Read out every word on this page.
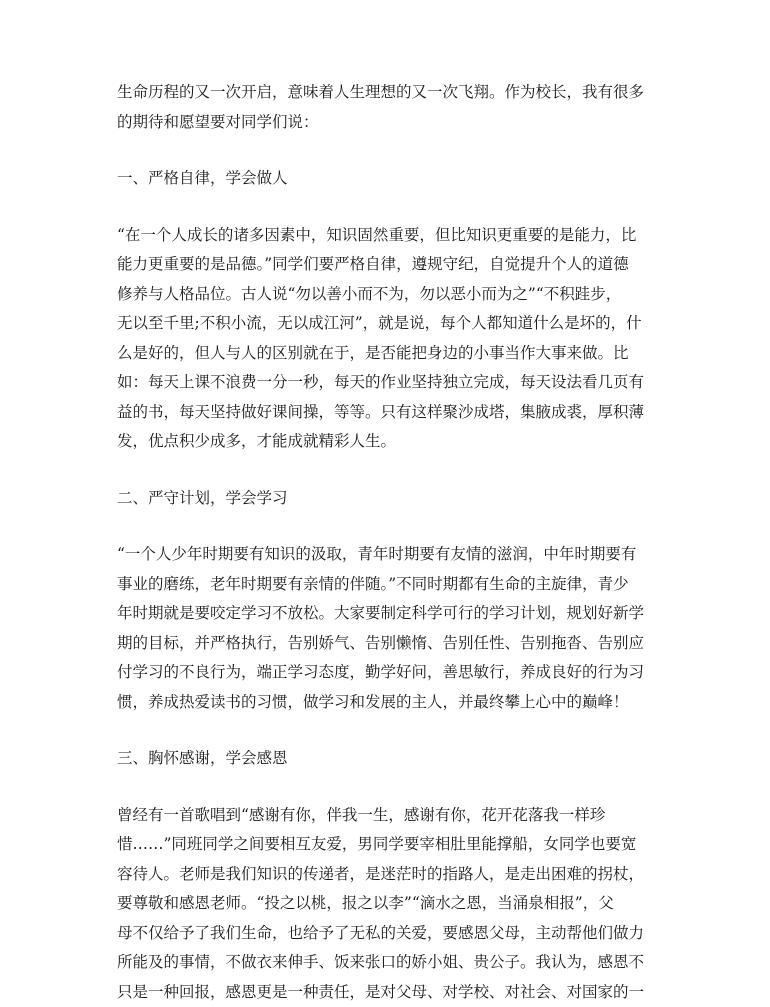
生命历程的又一次开启，意味着人生理想的又一次飞翔。作为校长，我有很多
的期待和愿望要对同学们说：
一、严格自律，学会做人
“在一个人成长的诸多因素中，知识固然重要，但比知识更重要的是能力，比
能力更重要的是品德。”同学们要严格自律，遵规守纪，自觉提升个人的道德
修养与人格品位。古人说“勿以善小而不为，勿以恶小而为之”“不积跬步，
无以至千里;不积小流，无以成江河”，就是说，每个人都知道什么是坏的，什
么是好的，但人与人的区别就在于，是否能把身边的小事当作大事来做。比
如：每天上课不浪费一分一秒，每天的作业坚持独立完成，每天设法看几页有
益的书，每天坚持做好课间操，等等。只有这样聚沙成塔，集腋成裘，厚积薄
发，优点积少成多，才能成就精彩人生。
二、严守计划，学会学习
“一个人少年时期要有知识的汲取，青年时期要有友情的滋润，中年时期要有
事业的磨练，老年时期要有亲情的伴随。”不同时期都有生命的主旋律，青少
年时期就是要咬定学习不放松。大家要制定科学可行的学习计划，规划好新学
期的目标，并严格执行，告别娇气、告别懒惰、告别任性、告别拖沓、告别应
付学习的不良行为，端正学习态度，勤学好问，善思敏行，养成良好的行为习
惯，养成热爱读书的习惯，做学习和发展的主人，并最终攀上心中的巅峰！
三、胸怀感谢，学会感恩
曾经有一首歌唱到“感谢有你，伴我一生，感谢有你，花开花落我一样珍
惜……”同班同学之间要相互友爱，男同学要宰相肚里能撑船，女同学也要宽
容待人。老师是我们知识的传递者，是迷茫时的指路人，是走出困难的拐杖，
要尊敬和感恩老师。“投之以桃，报之以李”“滴水之恩，当涌泉相报”，父
母不仅给予了我们生命，也给予了无私的关爱，要感恩父母，主动帮他们做力
所能及的事情，不做衣来伸手、饭来张口的娇小姐、贵公子。我认为，感恩不
只是一种回报，感恩更是一种责任，是对父母、对学校、对社会、对国家的一
